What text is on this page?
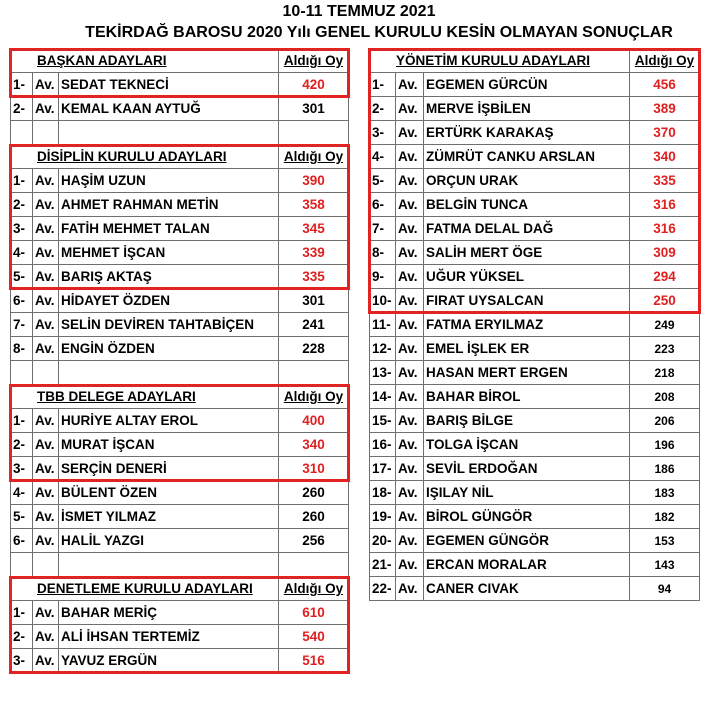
10-11 TEMMUZ 2021
TEKİRDAĞ BAROSU 2020 Yılı GENEL KURULU KESİN OLMAYAN SONUÇLAR
BAŞKAN ADAYLARI			Aldığı Oy
1-	Av.	SEDAT TEKNECİ	420
2-	Av.	KEMAL KAAN AYTUĞ	301

DİSİPLİN KURULU ADAYLARI			Aldığı Oy
1-	Av.	HAŞİM UZUN	390
2-	Av.	AHMET RAHMAN METİN	358
3-	Av.	FATİH MEHMET TALAN	345
4-	Av.	MEHMET İŞCAN	339
5-	Av.	BARIŞ AKTAŞ	335
6-	Av.	HİDAYET ÖZDEN	301
7-	Av.	SELİN DEVİREN TAHTABİÇEN	241
8-	Av.	ENGİN ÖZDEN	228

TBB DELEGE ADAYLARI			Aldığı Oy
1-	Av.	HURİYE ALTAY EROL	400
2-	Av.	MURAT İŞCAN	340
3-	Av.	SERÇİN DENERİ	310
4-	Av.	BÜLENT ÖZEN	260
5-	Av.	İSMET YILMAZ	260
6-	Av.	HALİL YAZGI	256

DENETLEME KURULU ADAYLARI			Aldığı Oy
1-	Av.	BAHAR MERİÇ	610
2-	Av.	ALİ İHSAN TERTEMİZ	540
3-	Av.	YAVUZ ERGÜN	516
YÖNETİM KURULU ADAYLARI			Aldığı Oy
1-	Av.	EGEMEN GÜRCÜN	456
2-	Av.	MERVE İŞBİLEN	389
3-	Av.	ERTÜRK KARAKAŞ	370
4-	Av.	ZÜMRÜT CANKU ARSLAN	340
5-	Av.	ORÇUN URAK	335
6-	Av.	BELGİN TUNCA	316
7-	Av.	FATMA DELAL DAĞ	316
8-	Av.	SALİH MERT ÖGE	309
9-	Av.	UĞUR YÜKSEL	294
10-	Av.	FIRAT UYSALCAN	250
11-	Av.	FATMA ERYILMAZ	249
12-	Av.	EMEL İŞLEK ER	223
13-	Av.	HASAN MERT ERGEN	218
14-	Av.	BAHAR BİROL	208
15-	Av.	BARIŞ BİLGE	206
16-	Av.	TOLGA İŞCAN	196
17-	Av.	SEVİL ERDOĞAN	186
18-	Av.	IŞILAY NİL	183
19-	Av.	BİROL GÜNGÖR	182
20-	Av.	EGEMEN GÜNGÖR	153
21-	Av.	ERCAN MORALAR	143
22-	Av.	CANER CIVAK	94
